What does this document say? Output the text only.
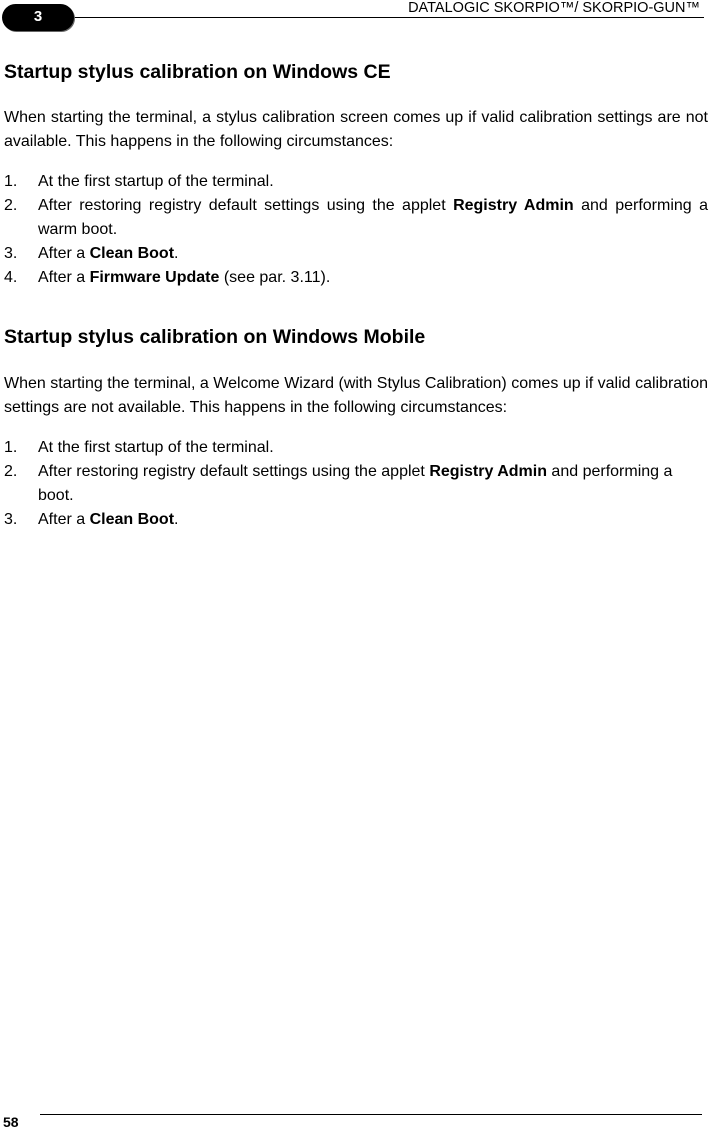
3	DATALOGIC SKORPIO™/ SKORPIO-GUN™
Startup stylus calibration on Windows CE

When starting the terminal, a stylus calibration screen comes up if valid calibration settings are not available. This happens in the following circumstances:

1. At the first startup of the terminal.
2. After restoring registry default settings using the applet Registry Admin and performing a warm boot.
3. After a Clean Boot.
4. After a Firmware Update (see par. 3.11).
Startup stylus calibration on Windows Mobile

When starting the terminal, a Welcome Wizard (with Stylus Calibration) comes up if valid calibration settings are not available. This happens in the following circumstances:

1. At the first startup of the terminal.
2. After restoring registry default settings using the applet Registry Admin and performing a boot.
3. After a Clean Boot.
58
